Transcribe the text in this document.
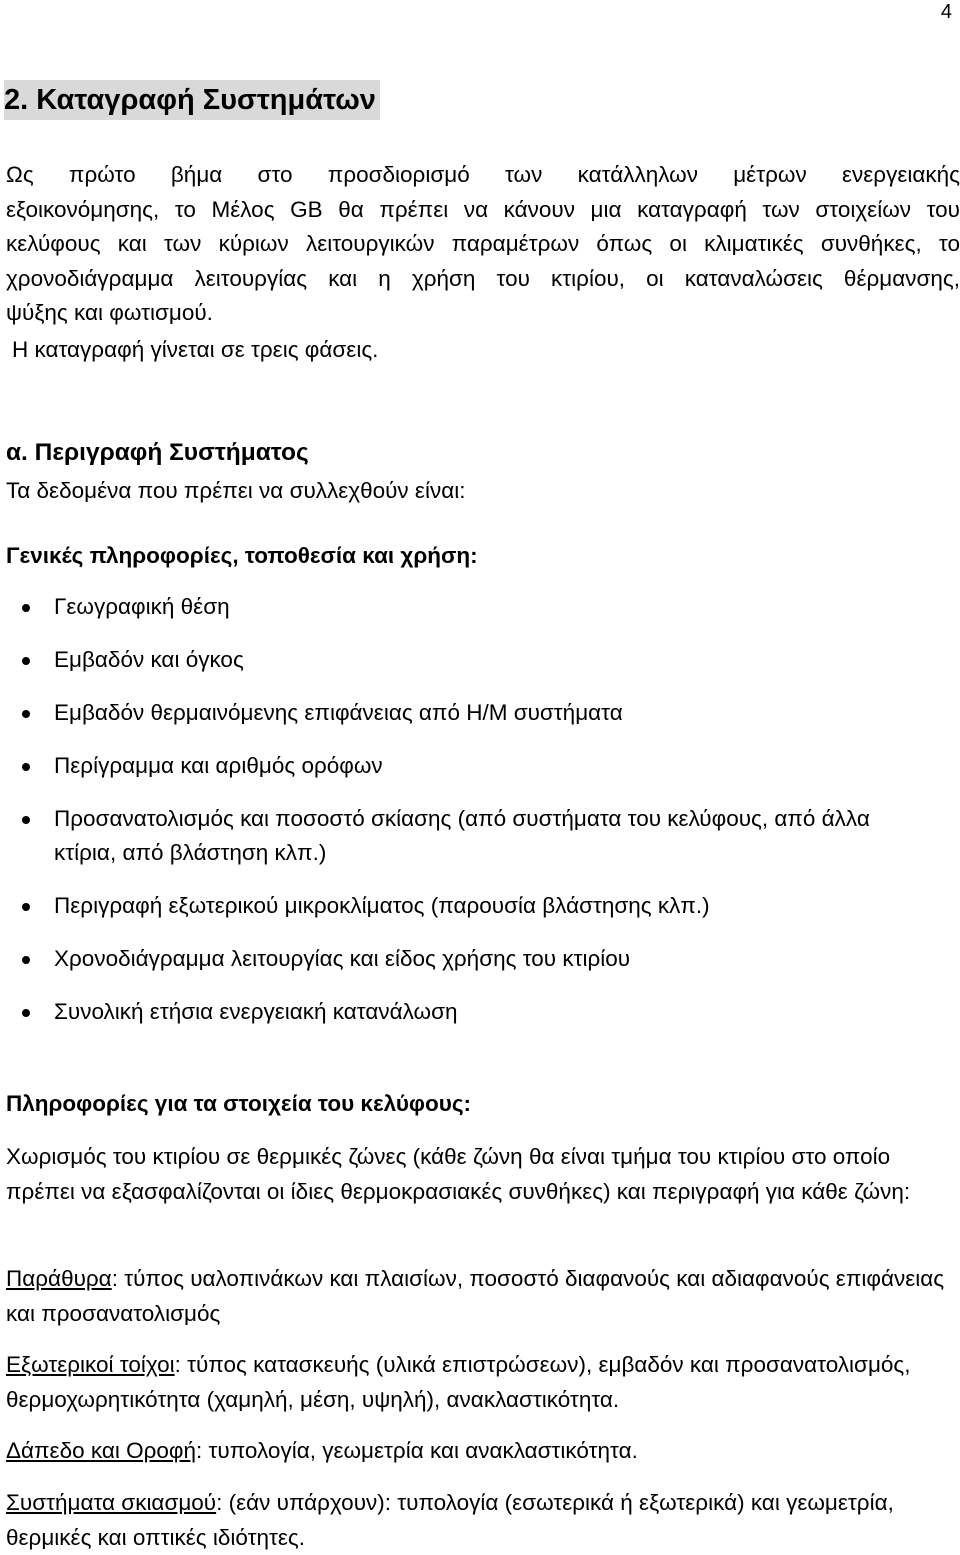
4
2. Καταγραφή Συστημάτων
Ως πρώτο βήμα στο προσδιορισμό των κατάλληλων μέτρων ενεργειακής
εξοικονόμησης, το Μέλος GB θα πρέπει να κάνουν μια καταγραφή των στοιχείων του
κελύφους και των κύριων λειτουργικών παραμέτρων όπως οι κλιματικές συνθήκες, το
χρονοδιάγραμμα λειτουργίας και η χρήση του κτιρίου, οι καταναλώσεις θέρμανσης,
ψύξης και φωτισμού.
Η καταγραφή γίνεται σε τρεις φάσεις.
α. Περιγραφή Συστήματος
Τα δεδομένα που πρέπει να συλλεχθούν είναι:
Γενικές πληροφορίες, τοποθεσία και χρήση:
Γεωγραφική θέση
Εμβαδόν και όγκος
Εμβαδόν θερμαινόμενης επιφάνειας από Η/Μ συστήματα
Περίγραμμα και αριθμός ορόφων
Προσανατολισμός και ποσοστό σκίασης (από συστήματα του κελύφους, από άλλα κτίρια, από βλάστηση κλπ.)
Περιγραφή εξωτερικού μικροκλίματος (παρουσία βλάστησης κλπ.)
Χρονοδιάγραμμα λειτουργίας και είδος χρήσης του κτιρίου
Συνολική ετήσια ενεργειακή κατανάλωση
Πληροφορίες για τα στοιχεία του κελύφους:
Χωρισμός του κτιρίου σε θερμικές ζώνες (κάθε ζώνη θα είναι τμήμα του κτιρίου στο οποίο πρέπει να εξασφαλίζονται οι ίδιες θερμοκρασιακές συνθήκες) και περιγραφή για κάθε ζώνη:
Παράθυρα: τύπος υαλοπινάκων και πλαισίων, ποσοστό διαφανούς και αδιαφανούς επιφάνειας και προσανατολισμός
Εξωτερικοί τοίχοι: τύπος κατασκευής (υλικά επιστρώσεων), εμβαδόν και προσανατολισμός, θερμοχωρητικότητα (χαμηλή, μέση, υψηλή), ανακλαστικότητα.
Δάπεδο και Οροφή: τυπολογία, γεωμετρία και ανακλαστικότητα.
Συστήματα σκιασμού: (εάν υπάρχουν): τυπολογία (εσωτερικά ή εξωτερικά) και γεωμετρία, θερμικές και οπτικές ιδιότητες.
